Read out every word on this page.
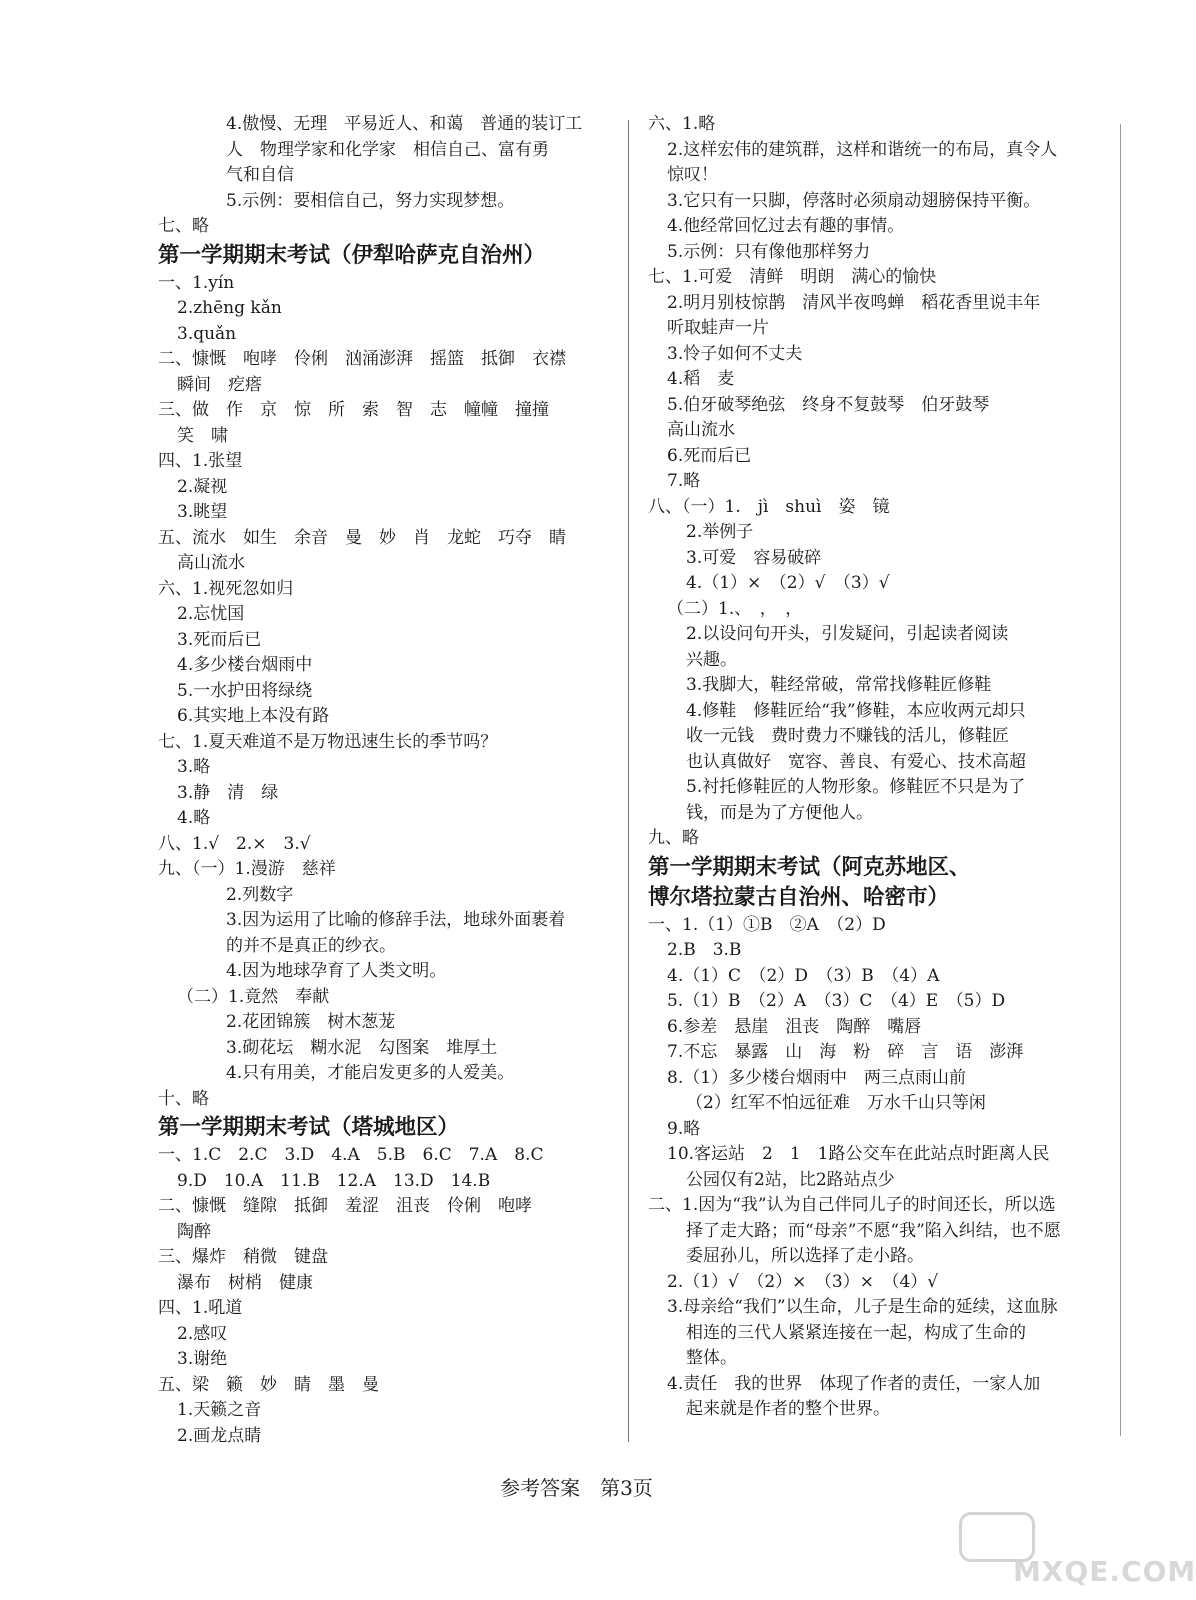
4.傲慢、无理　平易近人、和蔼　普通的装订工
人　物理学家和化学家　相信自己、富有勇
气和自信
5.示例：要相信自己，努力实现梦想。
七、略
第一学期期末考试（伊犁哈萨克自治州）
一、1.yín
2.zhēng kǎn
3.quǎn
二、慷慨　咆哮　伶俐　汹涌澎湃　摇篮　抵御　衣襟
瞬间　疙瘩
三、做　作　京　惊　所　索　智　志　幢幢　撞撞
笑　啸
四、1.张望
2.凝视
3.眺望
五、流水　如生　余音　曼　妙　肖　龙蛇　巧夺　睛
高山流水
六、1.视死忽如归
2.忘忧国
3.死而后已
4.多少楼台烟雨中
5.一水护田将绿绕
6.其实地上本没有路
七、1.夏天难道不是万物迅速生长的季节吗？
3.略
3.静　清　绿
4.略
八、1.√　2.×　3.√
九、（一）1.漫游　慈祥
2.列数字
3.因为运用了比喻的修辞手法，地球外面裹着
的并不是真正的纱衣。
4.因为地球孕育了人类文明。
（二）1.竟然　奉献
2.花团锦簇　树木葱茏
3.砌花坛　糊水泥　勾图案　堆厚土
4.只有用美，才能启发更多的人爱美。
十、略
第一学期期末考试（塔城地区）
一、1.C　2.C　3.D　4.A　5.B　6.C　7.A　8.C
9.D　10.A　11.B　12.A　13.D　14.B
二、慷慨　缝隙　抵御　羞涩　沮丧　伶俐　咆哮
陶醉
三、爆炸　稍微　键盘
瀑布　树梢　健康
四、1.吼道
2.感叹
3.谢绝
五、梁　籁　妙　睛　墨　曼
1.天籁之音
2.画龙点睛
六、1.略
2.这样宏伟的建筑群，这样和谐统一的布局，真令人
惊叹！
3.它只有一只脚，停落时必须扇动翅膀保持平衡。
4.他经常回忆过去有趣的事情。
5.示例：只有像他那样努力
七、1.可爱　清鲜　明朗　满心的愉快
2.明月别枝惊鹊　清风半夜鸣蝉　稻花香里说丰年
听取蛙声一片
3.怜子如何不丈夫
4.稻　麦
5.伯牙破琴绝弦　终身不复鼓琴　伯牙鼓琴
高山流水
6.死而后已
7.略
八、（一）1.　jì　shuì　姿　镜
2.举例子
3.可爱　容易破碎
4.（1）×　（2）√　（3）√
（二）1.、　，　，
2.以设问句开头，引发疑问，引起读者阅读
兴趣。
3.我脚大，鞋经常破，常常找修鞋匠修鞋
4.修鞋　修鞋匠给“我”修鞋，本应收两元却只
收一元钱　费时费力不赚钱的活儿，修鞋匠
也认真做好　宽容、善良、有爱心、技术高超
5.衬托修鞋匠的人物形象。修鞋匠不只是为了
钱，而是为了方便他人。
九、略
第一学期期末考试（阿克苏地区、
博尔塔拉蒙古自治州、哈密市）
一、1.（1）①B　②A　（2）D
2.B　3.B
4.（1）C　（2）D　（3）B　（4）A
5.（1）B　（2）A　（3）C　（4）E　（5）D
6.参差　悬崖　沮丧　陶醉　嘴唇
7.不忘　暴露　山　海　粉　碎　言　语　澎湃
8.（1）多少楼台烟雨中　两三点雨山前
（2）红军不怕远征难　万水千山只等闲
9.略
10.客运站　2　1　1路公交车在此站点时距离人民
公园仅有2站，比2路站点少
二、1.因为“我”认为自己伴同儿子的时间还长，所以选
择了走大路；而“母亲”不愿“我”陷入纠结，也不愿
委屈孙儿，所以选择了走小路。
2.（1）√　（2）×　（3）×　（4）√
3.母亲给“我们”以生命，儿子是生命的延续，这血脉
相连的三代人紧紧连接在一起，构成了生命的
整体。
4.责任　我的世界　体现了作者的责任，一家人加
起来就是作者的整个世界。
参考答案　第3页
MXQE.COM
